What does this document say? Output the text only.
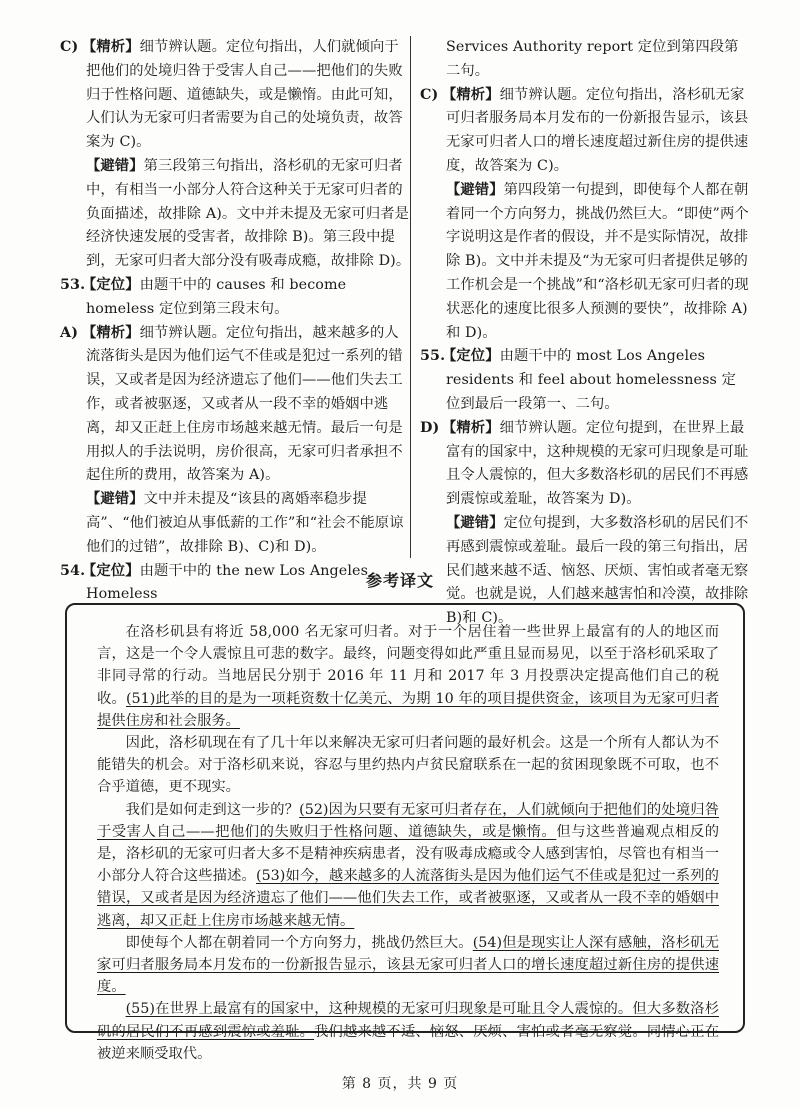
C) 【精析】细节辨认题。定位句指出，人们就倾向于把他们的处境归咎于受害人自己——把他们的失败归于性格问题、道德缺失，或是懒惰。由此可知，人们认为无家可归者需要为自己的处境负责，故答案为 C)。

【避错】第三段第三句指出，洛杉矶的无家可归者中，有相当一小部分人符合这种关于无家可归者的负面描述，故排除 A)。文中并未提及无家可归者是经济快速发展的受害者，故排除 B)。第三段中提到，无家可归者大部分没有吸毒成瘾，故排除 D)。

53.【定位】由题干中的 causes 和 become homeless 定位到第三段末句。

A) 【精析】细节辨认题。定位句指出，越来越多的人流落街头是因为他们运气不佳或是犯过一系列的错误，又或者是因为经济遗忘了他们——他们失去工作，或者被驱逐，又或者从一段不幸的婚姻中逃离，却又正赶上住房市场越来越无情。最后一句是用拟人的手法说明，房价很高，无家可归者承担不起住所的费用，故答案为 A)。

【避错】文中并未提及“该县的离婚率稳步提高”、“他们被迫从事低薪的工作”和“社会不能原谅他们的过错”，故排除 B)、C)和 D)。

54.【定位】由题干中的 the new Los Angeles Homeless

Services Authority report 定位到第四段第二句。

C) 【精析】细节辨认题。定位句指出，洛杉矶无家可归者服务局本月发布的一份新报告显示，该县无家可归者人口的增长速度超过新住房的提供速度，故答案为 C)。

【避错】第四段第一句提到，即使每个人都在朝着同一个方向努力，挑战仍然巨大。“即使”两个字说明这是作者的假设，并不是实际情况，故排除 B)。文中并未提及“为无家可归者提供足够的工作机会是一个挑战”和“洛杉矶无家可归者的现状恶化的速度比很多人预测的要快”，故排除 A)和 D)。

55.【定位】由题干中的 most Los Angeles residents 和 feel about homelessness 定位到最后一段第一、二句。

D) 【精析】细节辨认题。定位句提到，在世界上最富有的国家中，这种规模的无家可归现象是可耻且令人震惊的，但大多数洛杉矶的居民们不再感到震惊或羞耻，故答案为 D)。

【避错】定位句提到，大多数洛杉矶的居民们不再感到震惊或羞耻。最后一段的第三句指出，居民们越来越不适、恼怒、厌烦、害怕或者毫无察觉。也就是说，人们越来越害怕和冷漠，故排除 B)和 C)。

参考译文

在洛杉矶县有将近 58,000 名无家可归者。对于一个居住着一些世界上最富有的人的地区而言，这是一个令人震惊且可悲的数字。最终，问题变得如此严重且显而易见，以至于洛杉矶采取了非同寻常的行动。当地居民分别于 2016 年 11 月和 2017 年 3 月投票决定提高他们自己的税收。(51)此举的目的是为一项耗资数十亿美元、为期 10 年的项目提供资金，该项目为无家可归者提供住房和社会服务。

因此，洛杉矶现在有了几十年以来解决无家可归者问题的最好机会。这是一个所有人都认为不能错失的机会。对于洛杉矶来说，容忍与里约热内卢贫民窟联系在一起的贫困现象既不可取，也不合乎道德，更不现实。

我们是如何走到这一步的？(52)因为只要有无家可归者存在，人们就倾向于把他们的处境归咎于受害人自己——把他们的失败归于性格问题、道德缺失，或是懒惰。但与这些普遍观点相反的是，洛杉矶的无家可归者大多不是精神疾病患者，没有吸毒成瘾或令人感到害怕，尽管也有相当一小部分人符合这些描述。(53)如今，越来越多的人流落街头是因为他们运气不佳或是犯过一系列的错误，又或者是因为经济遗忘了他们——他们失去工作，或者被驱逐，又或者从一段不幸的婚姻中逃离，却又正赶上住房市场越来越无情。

即使每个人都在朝着同一个方向努力，挑战仍然巨大。(54)但是现实让人深有感触，洛杉矶无家可归者服务局本月发布的一份新报告显示，该县无家可归者人口的增长速度超过新住房的提供速度。

(55)在世界上最富有的国家中，这种规模的无家可归现象是可耻且令人震惊的。但大多数洛杉矶的居民们不再感到震惊或羞耻。我们越来越不适、恼怒、厌烦、害怕或者毫无察觉。同情心正在被逆来顺受取代。

第 8 页，共 9 页
